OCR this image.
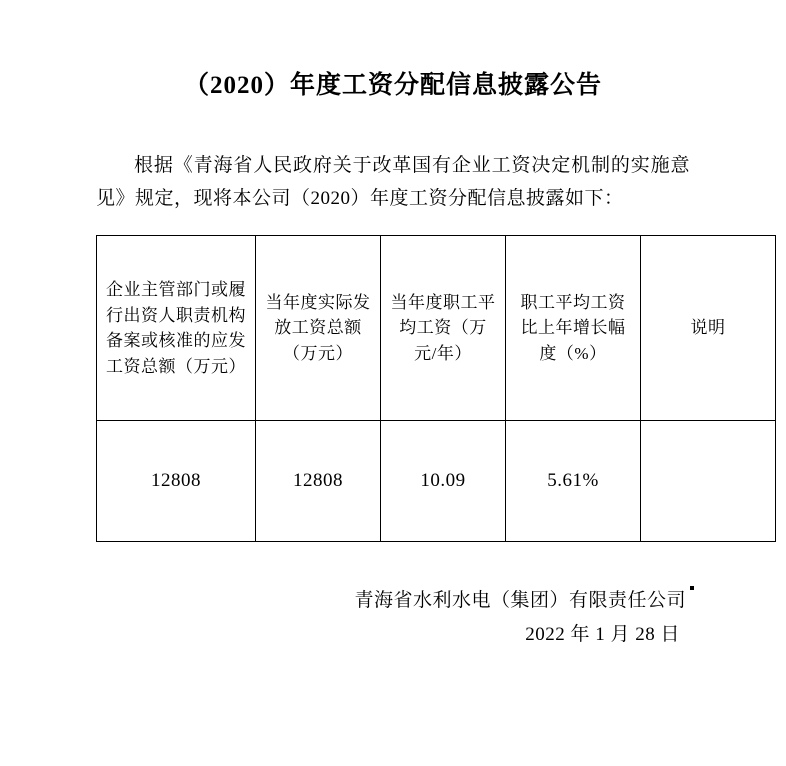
（2020）年度工资分配信息披露公告

根据《青海省人民政府关于改革国有企业工资决定机制的实施意见》规定，现将本公司（2020）年度工资分配信息披露如下：

企业主管部门或履行出资人职责机构备案或核准的应发工资总额（万元）	当年度实际发放工资总额（万元）	当年度职工平均工资（万元/年）	职工平均工资比上年增长幅度（%）	说明
12808	12808	10.09	5.61%	
青海省水利水电（集团）有限责任公司
2022 年 1 月 28 日
